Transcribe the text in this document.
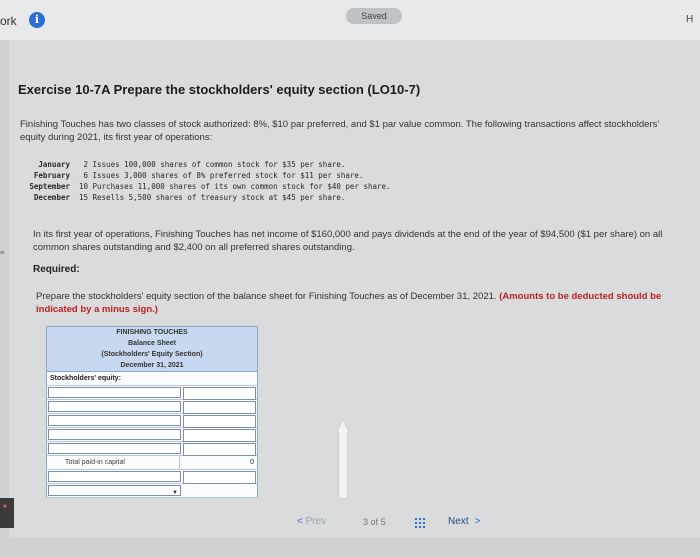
ork	i	Saved	H
≡
■
Exercise 10-7A Prepare the stockholders' equity section (LO10-7)

Finishing Touches has two classes of stock authorized: 8%, $10 par preferred, and $1 par value common. The following transactions affect stockholders' equity during 2021, its first year of operations:

January 2 Issues 100,000 shares of common stock for $35 per share.
February 6 Issues 3,000 shares of 8% preferred stock for $11 per share.
September 10 Purchases 11,000 shares of its own common stock for $40 per share.
December 15 Resells 5,500 shares of treasury stock at $45 per share.

In its first year of operations, Finishing Touches has net income of $160,000 and pays dividends at the end of the year of $94,500 ($1 per share) on all common shares outstanding and $2,400 on all preferred shares outstanding.

Required:

Prepare the stockholders' equity section of the balance sheet for Finishing Touches as of December 31, 2021. (Amounts to be deducted should be indicated by a minus sign.)

FINISHING TOUCHES
Balance Sheet
(Stockholders' Equity Section)
December 31, 2021
Stockholders' equity:
Total paid-in capital	0
▼
< Prev	3 of 5	Next >
